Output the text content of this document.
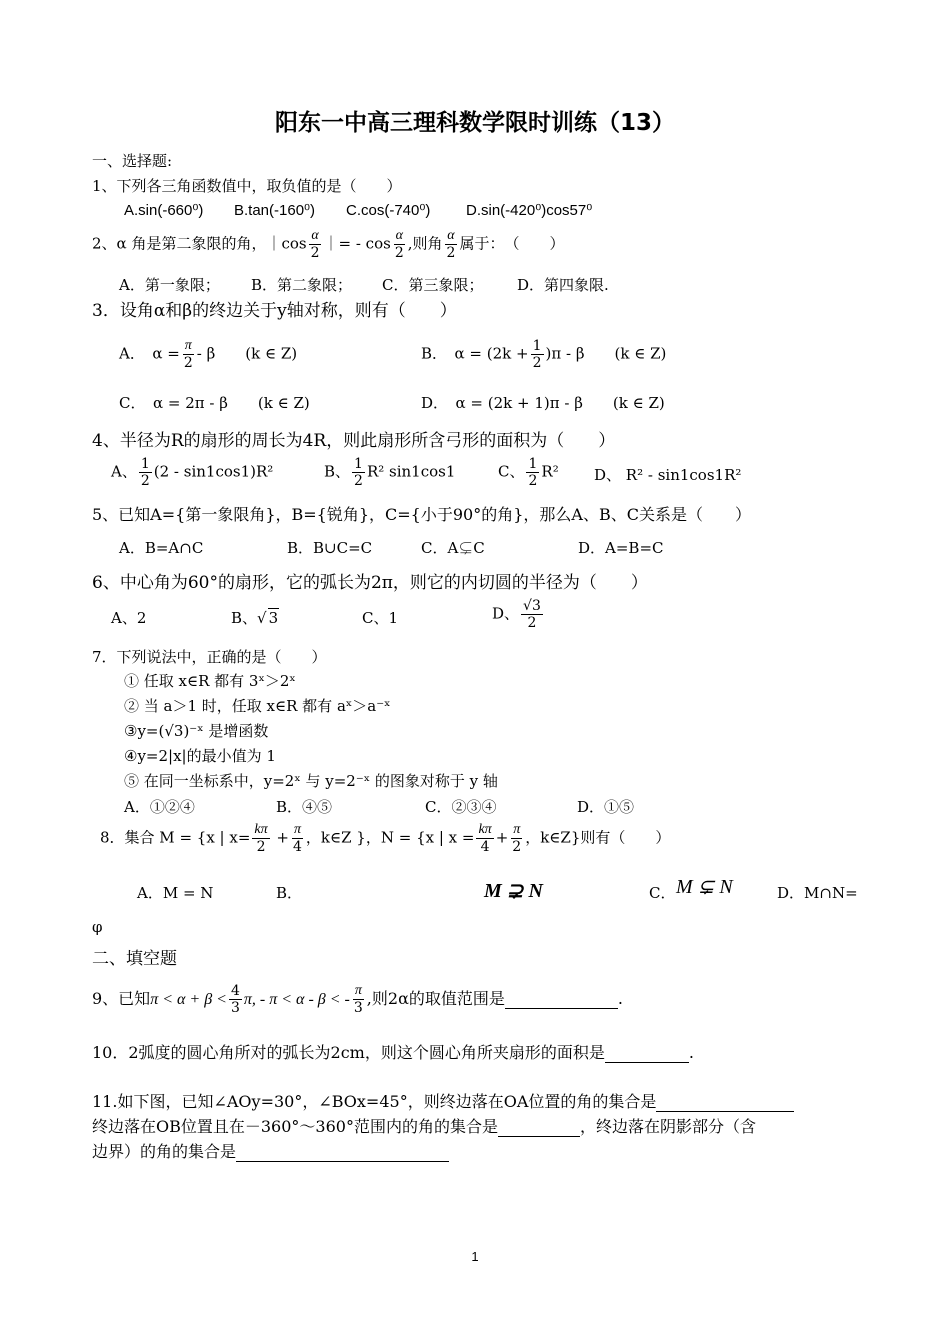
阳东一中高三理科数学限时训练（13）
一、选择题:
1、下列各三角函数值中，取负值的是（　　）
A.sin(-660⁰) B.tan(-160⁰) C.cos(-740⁰) D.sin(-420⁰)cos57⁰
2、α 角是第二象限的角，｜cos $\frac{\alpha}{2}$ ｜= - $\cos \frac{\alpha}{2}$ ,则角 $\frac{\alpha}{2}$ 属于：　（　　）
A．第一象限； B．第二象限； C．第三象限； D．第四象限.
3．设角α和β的终边关于y轴对称，则有（　　）
A．　$\alpha = \frac{\pi}{2} - \beta$　　(k ∈ Z)	B．　$\alpha = (2k + \frac{1}{2} )\pi - \beta$　　(k ∈ Z)
C．　α = 2π - β　　(k ∈ Z)	D．　α = (2k + 1)π - β　　(k ∈ Z)
4、半径为R的扇形的周长为4R，则此扇形所含弓形的面积为（　　）
A、 $\frac{1}{2} (2 - \sin 1\cos 1)R^2$	B、 $\frac{1}{2} R^2$ sin1cos1	C、 $\frac{1}{2} R^2$ D、 R² - sin1cos1R²
5、已知A={第一象限角}，B={锐角}，C={小于90°的角}，那么A、B、C关系是（　　）
A．B=A∩C	B．B∪C=C	C．A⊊C	D．A=B=C
6、中心角为60°的扇形，它的弧长为2π，则它的内切圆的半径为（　　）
A、2	B、√ 3	C、1	D、 $\frac{√3}{2}$
7．下列说法中，正确的是（　　）
① 任取 x∈R 都有 3ˣ＞2ˣ
② 当 a＞1 时，任取 x∈R 都有 aˣ＞a⁻ˣ
③y=(√3)⁻ˣ 是增函数
④y=2|x|的最小值为 1
⑤ 在同一坐标系中，y=2ˣ 与 y=2⁻ˣ 的图象对称于 y 轴
A．①②④	B．④⑤	C．②③④	D．①⑤
8．集合 M = {x | $x= \frac{k\pi}{2} + \frac{\pi}{4}$ ，k∈Z }，N = {x | $x = \frac{k\pi}{4} + \frac{\pi}{2}$ ，k∈Z}则有（　　）
A．M = N	B．	M ⊋ N	C． M ⊊ N	D．M∩N=
φ
二、填空题
9、已知$\pi < \alpha + \beta < \frac{4}{3} \pi$, - π < α - β < - $\frac{\pi}{3}$ ,则2α的取值范围是	.
10．2弧度的圆心角所对的弧长为2cm，则这个圆心角所夹扇形的面积是	.
11.如下图，已知∠AOy=30°，∠BOx=45°，则终边落在OA位置的角的集合是
终边落在OB位置且在－360°～360°范围内的角的集合是	，终边落在阴影部分（含
边界）的角的集合是
1
